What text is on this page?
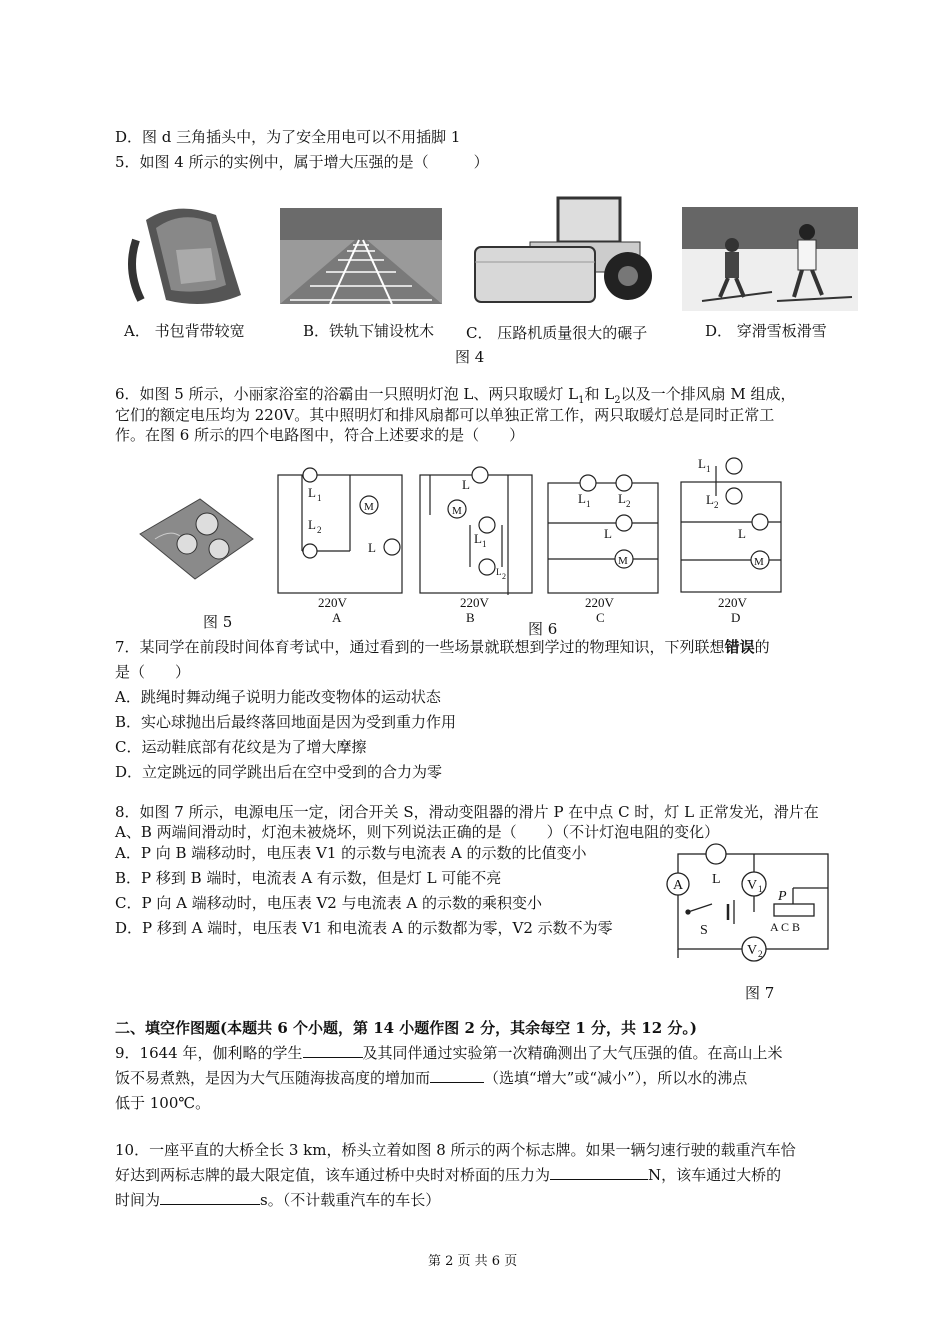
D．图 d 三角插头中，为了安全用电可以不用插脚 1
5．如图 4 所示的实例中，属于增大压强的是（　　　）
A． 书包背带较宽	B．铁轨下铺设枕木 C． 压路机质量很大的碾子	D． 穿滑雪板滑雪
图 4
6．如图 5 所示，小丽家浴室的浴霸由一只照明灯泡 L、两只取暖灯 $L_1$和 $L_2$以及一个排风扇 M 组成，
它们的额定电压均为 220V。其中照明灯和排风扇都可以单独正常工作，两只取暖灯总是同时正常工
作。在图 6 所示的四个电路图中，符合上述要求的是（　　）
图 5
L 1
L 2
M
L
220V
A
L
M
L 1
L 2
220V
B
L 1 L 2
L
M
220V
C
L 1
L 2
L
M
220V
D
图 6
7．某同学在前段时间体育考试中，通过看到的一些场景就联想到学过的物理知识，下列联想错误的
是（　　）
A．跳绳时舞动绳子说明力能改变物体的运动状态
B．实心球抛出后最终落回地面是因为受到重力作用
C．运动鞋底部有花纹是为了增大摩擦
D．立定跳远的同学跳出后在空中受到的合力为零
8．如图 7 所示，电源电压一定，闭合开关 S，滑动变阻器的滑片 P 在中点 C 时，灯 L 正常发光，滑片在
A、B 两端间滑动时，灯泡未被烧坏，则下列说法正确的是（　　）（不计灯泡电阻的变化）
A．P 向 B 端移动时，电压表 V1 的示数与电流表 A 的示数的比值变小
B．P 移到 B 端时，电流表 A 有示数，但是灯 L 可能不亮
C．P 向 A 端移动时，电压表 V2 与电流表 A 的示数的乘积变小
D．P 移到 A 端时，电压表 V1 和电流表 A 的示数都为零，V2 示数不为零
A L V 1 P
S	A C B
V 2
图 7
二、填空作图题(本题共 6 个小题，第 14 小题作图 2 分，其余每空 1 分，共 12 分。)
9．1644 年，伽利略的学生	及其同伴通过实验第一次精确测出了大气压强的值。在高山上米
饭不易煮熟，是因为大气压随海拔高度的增加而	（选填“增大”或“减小”），所以水的沸点
低于 100℃。
10．一座平直的大桥全长 3 km，桥头立着如图 8 所示的两个标志牌。如果一辆匀速行驶的载重汽车恰
好达到两标志牌的最大限定值，该车通过桥中央时对桥面的压力为	N，该车通过大桥的
时间为	s。（不计载重汽车的车长）
第 2 页 共 6 页
